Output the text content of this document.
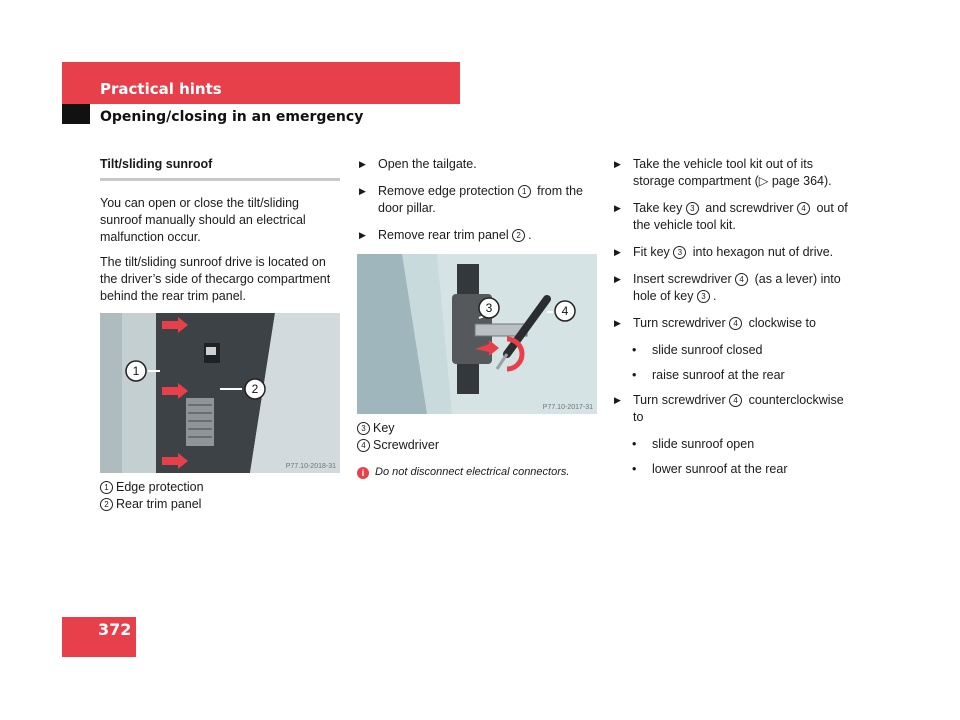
Practical hints
Opening/closing in an emergency
372
Tilt/sliding sunroof

You can open or close the tilt/sliding sunroof manually should an electrical malfunction occur.

The tilt/sliding sunroof drive is located on the driver’s side of thecargo compartment behind the rear trim panel.

1
2
P77.10-2018-31

1 Edge protection

2 Rear trim panel

▶ Open the tailgate.
▶ Remove edge protection 1 from the door pillar.
▶ Remove rear trim panel 2 .
3	4
P77.10-2017-31

3 Key

4 Screwdriver

i Do not disconnect electrical connectors.
▶ Take the vehicle tool kit out of its storage compartment (▷ page 364).
▶ Take key 3 and screwdriver 4 out of the vehicle tool kit.
▶ Fit key 3 into hexagon nut of drive.
▶ Insert screwdriver 4 (as a lever) into hole of key 3 .
▶ Turn screwdriver 4 clockwise to
• slide sunroof closed
• raise sunroof at the rear
▶ Turn screwdriver 4 counterclockwise to
• slide sunroof open
• lower sunroof at the rear
